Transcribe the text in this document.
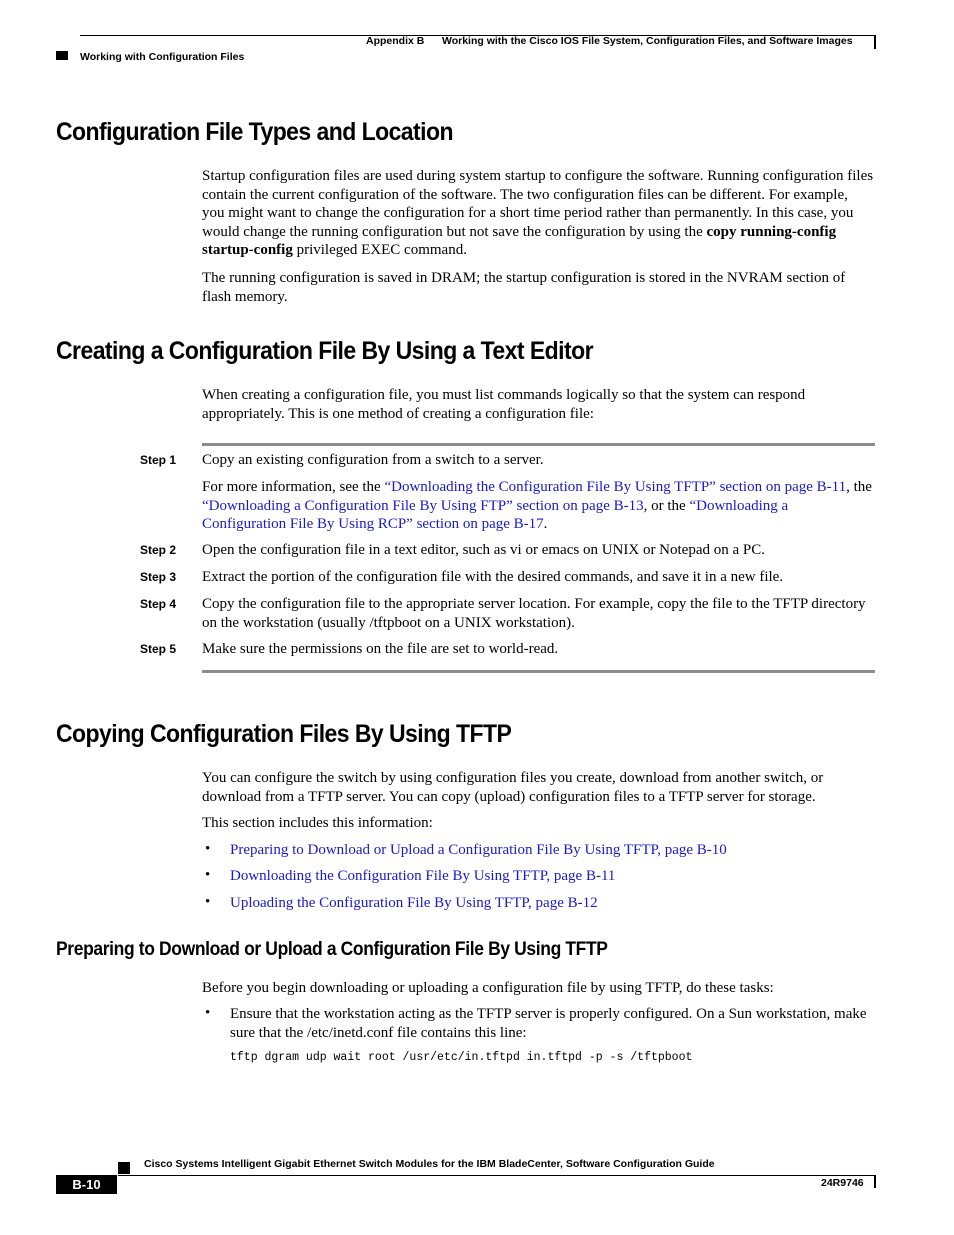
Appendix B Working with the Cisco IOS File System, Configuration Files, and Software Images
Working with Configuration Files
Configuration File Types and Location
Startup configuration files are used during system startup to configure the software. Running configuration files contain the current configuration of the software. The two configuration files can be different. For example, you might want to change the configuration for a short time period rather than permanently. In this case, you would change the running configuration but not save the configuration by using the copy running-config startup-config privileged EXEC command.
The running configuration is saved in DRAM; the startup configuration is stored in the NVRAM section of flash memory.
Creating a Configuration File By Using a Text Editor
When creating a configuration file, you must list commands logically so that the system can respond appropriately. This is one method of creating a configuration file:
Step 1 Copy an existing configuration from a switch to a server.
For more information, see the “Downloading the Configuration File By Using TFTP” section on page B-11, the “Downloading a Configuration File By Using FTP” section on page B-13, or the “Downloading a Configuration File By Using RCP” section on page B-17.
Step 2 Open the configuration file in a text editor, such as vi or emacs on UNIX or Notepad on a PC.
Step 3 Extract the portion of the configuration file with the desired commands, and save it in a new file.
Step 4 Copy the configuration file to the appropriate server location. For example, copy the file to the TFTP directory on the workstation (usually /tftpboot on a UNIX workstation).
Step 5 Make sure the permissions on the file are set to world-read.
Copying Configuration Files By Using TFTP
You can configure the switch by using configuration files you create, download from another switch, or download from a TFTP server. You can copy (upload) configuration files to a TFTP server for storage.
This section includes this information:
• Preparing to Download or Upload a Configuration File By Using TFTP, page B-10
• Downloading the Configuration File By Using TFTP, page B-11
• Uploading the Configuration File By Using TFTP, page B-12
Preparing to Download or Upload a Configuration File By Using TFTP
Before you begin downloading or uploading a configuration file by using TFTP, do these tasks:
• Ensure that the workstation acting as the TFTP server is properly configured. On a Sun workstation, make sure that the /etc/inetd.conf file contains this line:
tftp dgram udp wait root /usr/etc/in.tftpd in.tftpd -p -s /tftpboot
Cisco Systems Intelligent Gigabit Ethernet Switch Modules for the IBM BladeCenter, Software Configuration Guide
B-10	24R9746
